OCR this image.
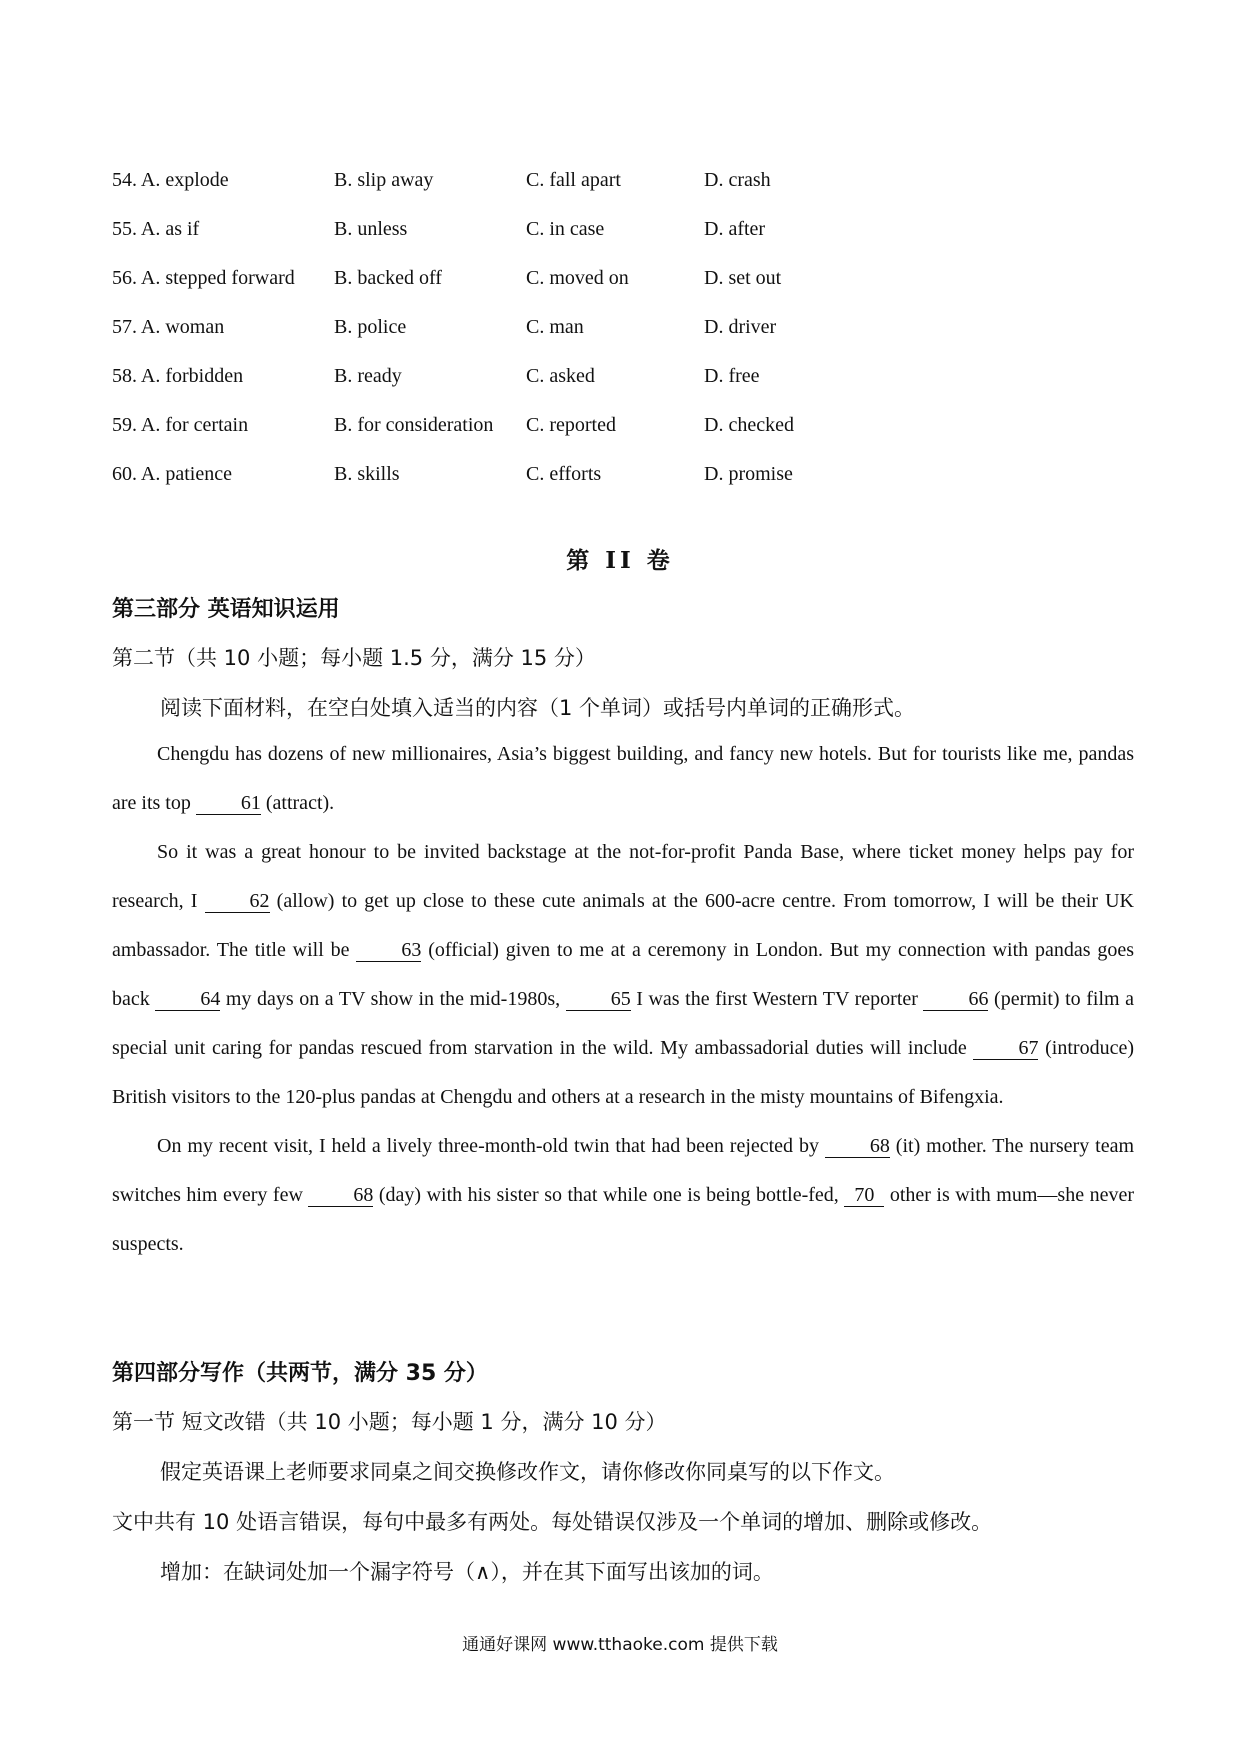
54. A. explode	B. slip away	C. fall apart	D. crash
55. A. as if	B. unless	C. in case	D. after
56. A. stepped forward B. backed off	C. moved on	D. set out
57. A. woman	B. police	C. man	D. driver
58. A. forbidden	B. ready	C. asked	D. free
59. A. for certain	B. for consideration C. reported	D. checked
60. A. patience	B. skills	C. efforts	D. promise
第 II 卷
第三部分 英语知识运用
第二节（共 10 小题；每小题 1.5 分，满分 15 分）
阅读下面材料，在空白处填入适当的内容（1 个单词）或括号内单词的正确形式。

Chengdu has dozens of new millionaires, Asia’s biggest building, and fancy new hotels. But for tourists like me, pandas are its top 61 (attract).

So it was a great honour to be invited backstage at the not-for-profit Panda Base, where ticket money helps pay for research, I 62 (allow) to get up close to these cute animals at the 600-acre centre. From tomorrow, I will be their UK ambassador. The title will be 63 (official) given to me at a ceremony in London. But my connection with pandas goes back 64 my days on a TV show in the mid-1980s, 65 I was the first Western TV reporter 66 (permit) to film a special unit caring for pandas rescued from starvation in the wild. My ambassadorial duties will include 67 (introduce) British visitors to the 120-plus pandas at Chengdu and others at a research in the misty mountains of Bifengxia.

On my recent visit, I held a lively three-month-old twin that had been rejected by 68 (it) mother. The nursery team switches him every few 68 (day) with his sister so that while one is being bottle-fed, 70 other is with mum—she never suspects.

第四部分写作（共两节，满分 35 分）
第一节 短文改错（共 10 小题；每小题 1 分，满分 10 分）
假定英语课上老师要求同桌之间交换修改作文，请你修改你同桌写的以下作文。
文中共有 10 处语言错误，每句中最多有两处。每处错误仅涉及一个单词的增加、删除或修改。
增加：在缺词处加一个漏字符号（∧），并在其下面写出该加的词。
通通好课网 www.tthaoke.com 提供下载
